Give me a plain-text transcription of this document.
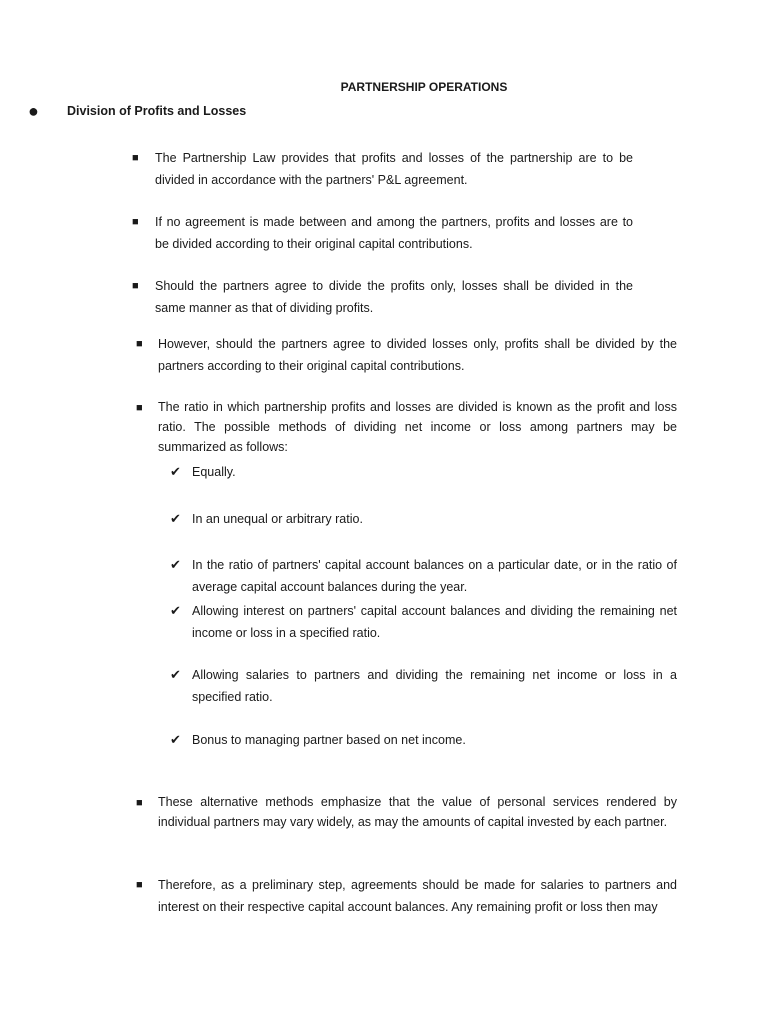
PARTNERSHIP OPERATIONS
● Division of Profits and Losses
■ The Partnership Law provides that profits and losses of the partnership are to be divided in accordance with the partners' P&L agreement.
■ If no agreement is made between and among the partners, profits and losses are to be divided according to their original capital contributions.
■ Should the partners agree to divide the profits only, losses shall be divided in the same manner as that of dividing profits.
■ However, should the partners agree to divided losses only, profits shall be divided by the partners according to their original capital contributions.
■ The ratio in which partnership profits and losses are divided is known as the profit and loss ratio. The possible methods of dividing net income or loss among partners may be summarized as follows:
✔ Equally.
✔ In an unequal or arbitrary ratio.
✔ In the ratio of partners' capital account balances on a particular date, or in the ratio of average capital account balances during the year.
✔ Allowing interest on partners' capital account balances and dividing the remaining net income or loss in a specified ratio.
✔ Allowing salaries to partners and dividing the remaining net income or loss in a specified ratio.
✔ Bonus to managing partner based on net income.
■ These alternative methods emphasize that the value of personal services rendered by individual partners may vary widely, as may the amounts of capital invested by each partner.
■ Therefore, as a preliminary step, agreements should be made for salaries to partners and interest on their respective capital account balances. Any remaining profit or loss then may
